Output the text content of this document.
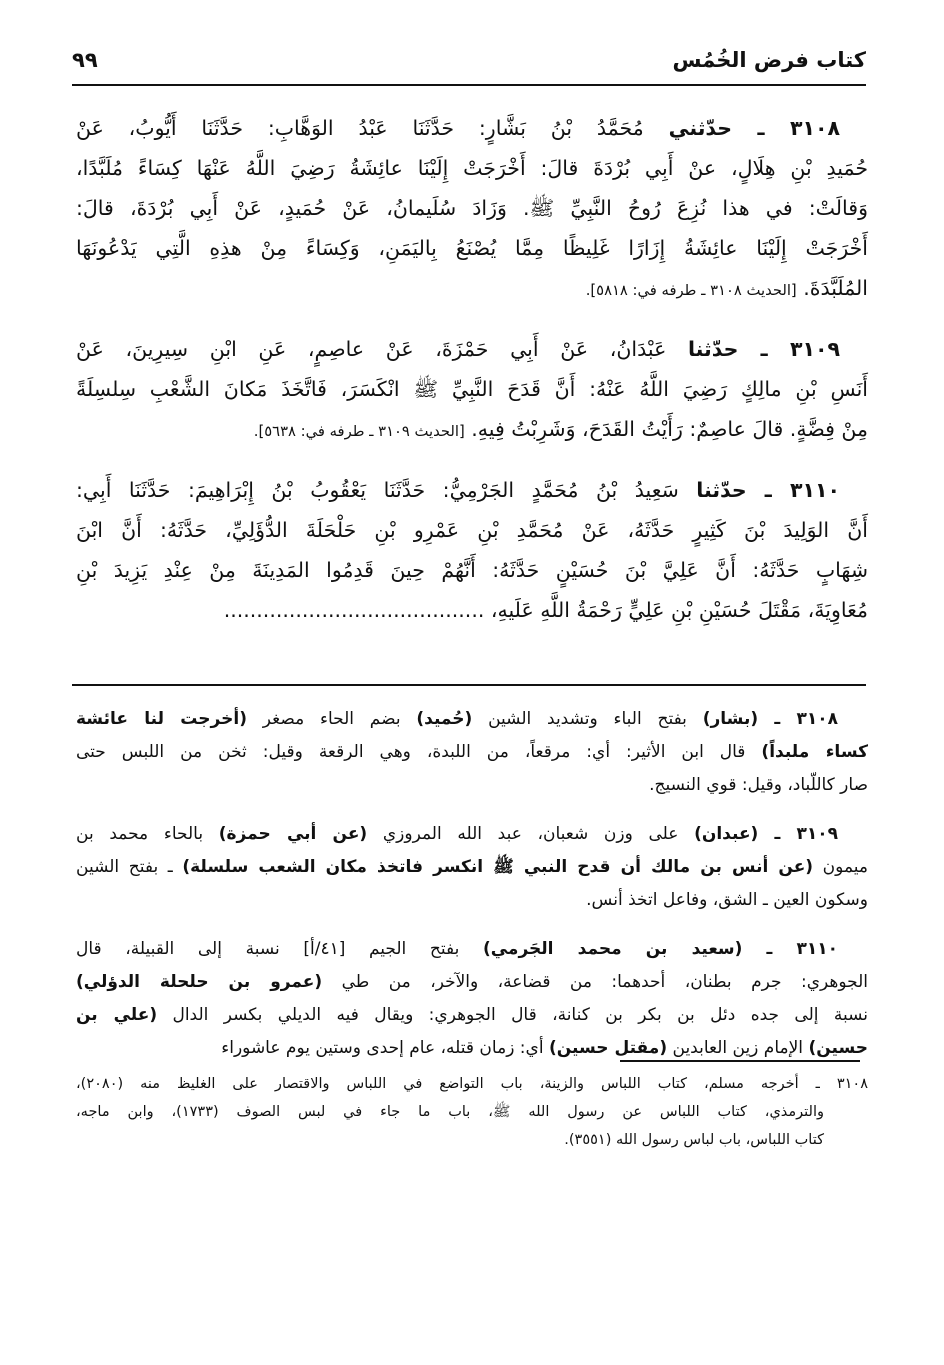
كتاب فرض الخُمُس
٩٩
٣١٠٨ ـ حدّثني مُحَمَّدُ بْنُ بَشَّارٍ: حَدَّثَنَا عَبْدُ الوَهَّابِ: حَدَّثَنَا أَيُّوبُ، عَنْ
حُمَيدِ بْنِ هِلَالٍ، عنْ أَبِي بُرْدَةَ قالَ: أَخْرَجَتْ إِلَيْنَا عائِشَةُ رَضِيَ اللَّهُ عَنْهَا كِسَاءً مُلَبَّدًا،
وَقالَتْ: في هذا نُزِعَ رُوحُ النَّبِيِّ ﷺ. وَزَادَ سُلَيمانُ، عَنْ حُمَيدٍ، عَنْ أَبِي بُرْدَةَ، قالَ:
أَخْرَجَتْ إِلَيْنَا عائِشَةُ إِزَارًا غَلِيظًا مِمَّا يُصْنَعُ بِاليَمَنِ، وَكِسَاءً مِنْ هذِهِ الَّتِي يَدْعُونَهَا
المُلَبَّدَةَ. [الحديث ٣١٠٨ ـ طرفه في: ٥٨١٨].
٣١٠٩ ـ حدّثنا عَبْدَانُ، عَنْ أَبِي حَمْزَةَ، عَنْ عاصِمٍ، عَنِ ابْنِ سِيرِينَ، عَنْ
أَنَسِ بْنِ مالِكٍ رَضِيَ اللَّهُ عَنْهُ: أَنَّ قَدَحَ النَّبِيِّ ﷺ انْكَسَرَ، فَاتَّخَذَ مَكانَ الشَّعْبِ سِلسِلَةً
مِنْ فِضَّةٍ. قالَ عاصِمٌ: رَأَيْتُ القَدَحَ، وَشَرِبْتُ فِيهِ. [الحديث ٣١٠٩ ـ طرفه في: ٥٦٣٨].
٣١١٠ ـ حدّثنا سَعِيدُ بْنُ مُحَمَّدٍ الجَرْمِيُّ: حَدَّثَنَا يَعْقُوبُ بْنُ إِبْرَاهِيمَ: حَدَّثَنَا أَبِي:
أَنَّ الوَلِيدَ بْنَ كَثِيرٍ حَدَّثَهُ، عَنْ مُحَمَّدِ بْنِ عَمْرِو بْنِ حَلْحَلَةَ الدُّؤَلِيِّ، حَدَّثَهُ: أَنَّ ابْنَ
شِهَابٍ حَدَّثَهُ: أَنَّ عَلِيَّ بْنَ حُسَيْنٍ حَدَّثَهُ: أَنَّهُمْ حِينَ قَدِمُوا المَدِينَةَ مِنْ عِنْدِ يَزِيدَ بْنِ
مُعَاوِيَةَ، مَقْتَلَ حُسَيْنِ بْنِ عَلِيٍّ رَحْمَةُ اللَّهِ عَلَيهِ، ........................................
٣١٠٨ ـ (بشار) بفتح الباء وتشديد الشين (حُميد) بضم الحاء مصغر (أخرجت لنا عائشة
كساء ملبداً) قال ابن الأثير: أي: مرقعاً، من اللبدة، وهي الرقعة وقيل: ثخن من اللبس حتى
صار كاللّباد، وقيل: قوي النسيج.
٣١٠٩ ـ (عبدان) على وزن شعبان، عبد الله المروزي (عن أبي حمزة) بالحاء محمد بن
ميمون (عن أنس بن مالك أن قدح النبي ﷺ انكسر فاتخذ مكان الشعب سلسلة) ـ بفتح الشين
وسكون العين ـ الشق، وفاعل اتخذ أنس.
٣١١٠ ـ (سعيد بن محمد الجَرمي) بفتح الجيم [٤١/أ] نسبة إلى القبيلة، قال
الجوهري: جرم بطنان، أحدهما: من قضاعة، والآخر، من طي (عمرو بن حلحلة الدؤلي)
نسبة إلى جده دئل بن بكر بن كنانة، قال الجوهري: ويقال فيه الديلي بكسر الدال (علي بن
حسين) الإمام زين العابدين (مقتل حسين) أي: زمان قتله، عام إحدى وستين يوم عاشوراء
٣١٠٨ ـ أخرجه مسلم، كتاب اللباس والزينة، باب التواضع في اللباس والاقتصار على الغليظ منه (٢٠٨٠)،
والترمذي، كتاب اللباس عن رسول الله ﷺ، باب ما جاء في لبس الصوف (١٧٣٣)، وابن ماجه،
كتاب اللباس، باب لباس رسول الله (٣٥٥١).
